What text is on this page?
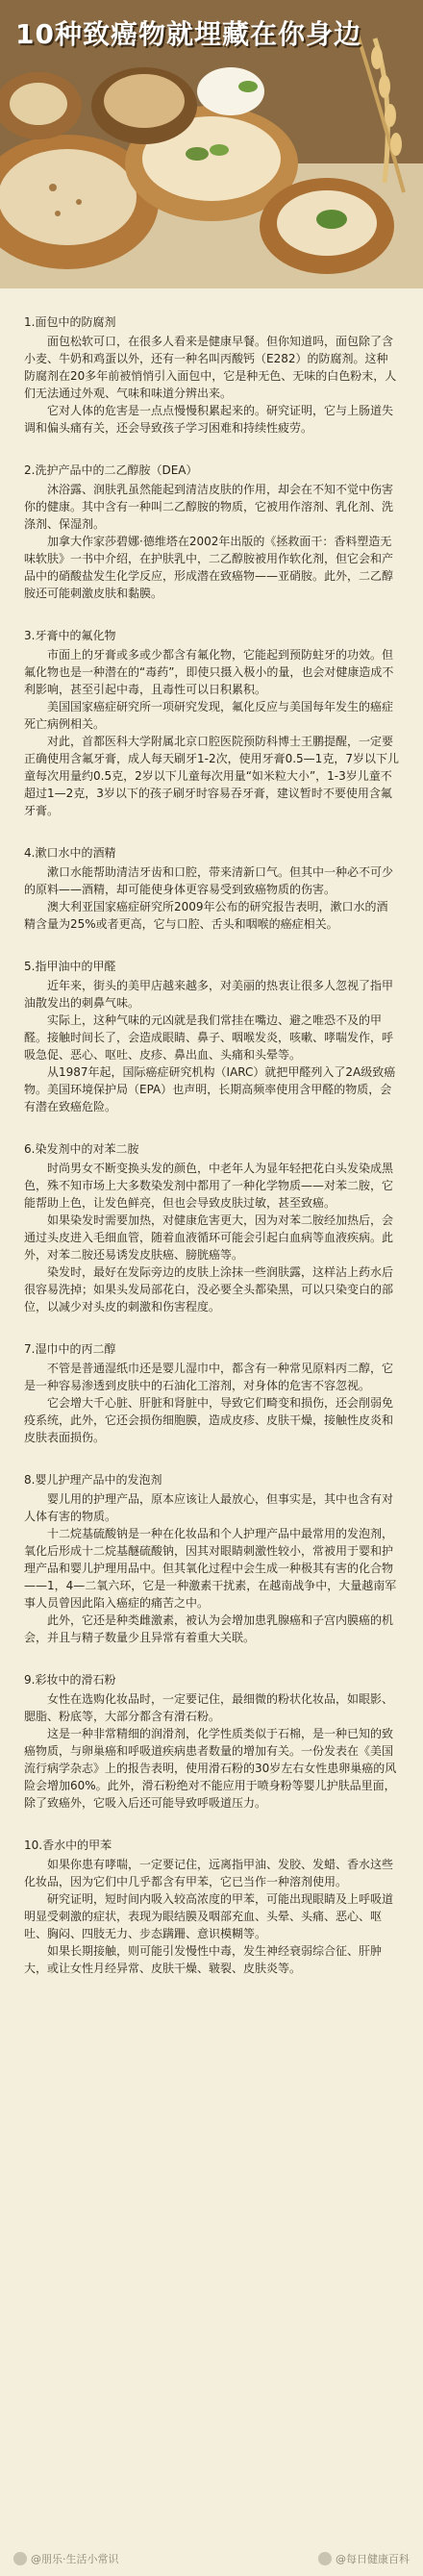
10种致癌物就埋藏在你身边
1.面包中的防腐剂
面包松软可口，在很多人看来是健康早餐。但你知道吗，面包除了含小麦、牛奶和鸡蛋以外，还有一种名叫丙酸钙（E282）的防腐剂。这种防腐剂在20多年前被悄悄引入面包中，它是种无色、无味的白色粉末，人们无法通过外观、气味和味道分辨出来。
它对人体的危害是一点点慢慢积累起来的。研究证明，它与上肠道失调和偏头痛有关，还会导致孩子学习困难和持续性疲劳。
2.洗护产品中的二乙醇胺（DEA）
沐浴露、润肤乳虽然能起到清洁皮肤的作用，却会在不知不觉中伤害你的健康。其中含有一种叫二乙醇胺的物质，它被用作溶剂、乳化剂、洗涤剂、保湿剂。
加拿大作家莎碧娜·德维塔在2002年出版的《拯救面干：香料塑造无味软肤》一书中介绍，在护肤乳中，二乙醇胺被用作软化剂，但它会和产品中的硝酸盐发生化学反应，形成潜在致癌物——亚硝胺。此外，二乙醇胺还可能刺激皮肤和黏膜。
3.牙膏中的氟化物
市面上的牙膏或多或少都含有氟化物，它能起到预防蛀牙的功效。但氟化物也是一种潜在的“毒药”，即使只摄入极小的量，也会对健康造成不利影响，甚至引起中毒，且毒性可以日积累积。
美国国家癌症研究所一项研究发现，氟化反应与美国每年发生的癌症死亡病例相关。
对此，首都医科大学附属北京口腔医院预防科博士王鹏提醒，一定要正确使用含氟牙膏，成人每天刷牙1-2次，使用牙膏0.5—1克，7岁以下儿童每次用量约0.5克，2岁以下儿童每次用量“如米粒大小”，1-3岁儿童不超过1—2克，3岁以下的孩子刷牙时容易吞牙膏，建议暂时不要使用含氟牙膏。
4.漱口水中的酒精
漱口水能帮助清洁牙齿和口腔，带来清新口气。但其中一种必不可少的原料——酒精，却可能使身体更容易受到致癌物质的伤害。
澳大利亚国家癌症研究所2009年公布的研究报告表明，漱口水的酒精含量为25%或者更高，它与口腔、舌头和咽喉的癌症相关。
5.指甲油中的甲醛
近年来，街头的美甲店越来越多，对美丽的热衷让很多人忽视了指甲油散发出的刺鼻气味。
实际上，这种气味的元凶就是我们常挂在嘴边、避之唯恐不及的甲醛。接触时间长了，会造成眼睛、鼻子、咽喉发炎，咳嗽、哮喘发作，呼吸急促、恶心、呕吐、皮疹、鼻出血、头痛和头晕等。
从1987年起，国际癌症研究机构（IARC）就把甲醛列入了2A级致癌物。美国环境保护局（EPA）也声明，长期高频率使用含甲醛的物质，会有潜在致癌危险。
6.染发剂中的对苯二胺
时尚男女不断变换头发的颜色，中老年人为显年轻把花白头发染成黑色，殊不知市场上大多数染发剂中都用了一种化学物质——对苯二胺，它能帮助上色，让发色鲜亮，但也会导致皮肤过敏，甚至致癌。
如果染发时需要加热，对健康危害更大，因为对苯二胺经加热后，会通过头皮进入毛细血管，随着血液循环可能会引起白血病等血液疾病。此外，对苯二胺还易诱发皮肤癌、膀胱癌等。
染发时，最好在发际旁边的皮肤上涂抹一些润肤露，这样沾上药水后很容易洗掉；如果头发局部花白，没必要全头都染黑，可以只染变白的部位，以减少对头皮的刺激和伤害程度。
7.湿巾中的丙二醇
不管是普通湿纸巾还是婴儿湿巾中，都含有一种常见原料丙二醇，它是一种容易渗透到皮肤中的石油化工溶剂，对身体的危害不容忽视。
它会增大千心脏、肝脏和肾脏中，导致它们畸变和损伤，还会削弱免疫系统，此外，它还会损伤细胞膜，造成皮疹、皮肤干燥，接触性皮炎和皮肤表面损伤。
8.婴儿护理产品中的发泡剂
婴儿用的护理产品，原本应该让人最放心，但事实是，其中也含有对人体有害的物质。
十二烷基硫酸钠是一种在化妆品和个人护理产品中最常用的发泡剂，氧化后形成十二烷基醚硫酸钠，因其对眼睛刺激性较小，常被用于婴和护理产品和婴儿护理用品中。但其氧化过程中会生成一种极其有害的化合物——1，4—二氧六环，它是一种激素干扰素，在越南战争中，大量越南军事人员曾因此陷入癌症的痛苦之中。
此外，它还是种类雌激素，被认为会增加患乳腺癌和子宫内膜癌的机会，并且与精子数量少且异常有着重大关联。
9.彩妆中的滑石粉
女性在选购化妆品时，一定要记住，最细微的粉状化妆品，如眼影、腮脂、粉底等，大部分都含有滑石粉。
这是一种非常精细的润滑剂，化学性质类似于石棉，是一种已知的致癌物质，与卵巢癌和呼吸道疾病患者数量的增加有关。一份发表在《美国流行病学杂志》上的报告表明，使用滑石粉的30岁左右女性患卵巢癌的风险会增加60%。此外，滑石粉绝对不能应用于喷身粉等婴儿护肤品里面，除了致癌外，它吸入后还可能导致呼吸道压力。
10.香水中的甲苯
如果你患有哮喘，一定要记住，远离指甲油、发胶、发蜡、香水这些化妆品，因为它们中几乎都含有甲苯，它已当作一种溶剂使用。
研究证明，短时间内吸入较高浓度的甲苯，可能出现眼睛及上呼吸道明显受刺激的症状，表现为眼结膜及咽部充血、头晕、头痛、恶心、呕吐、胸闷、四肢无力、步态蹒跚、意识模糊等。
如果长期接触，则可能引发慢性中毒，发生神经衰弱综合征、肝肿大，或让女性月经异常、皮肤干燥、皲裂、皮肤炎等。
@朋乐·生活小常识	@每日健康百科
